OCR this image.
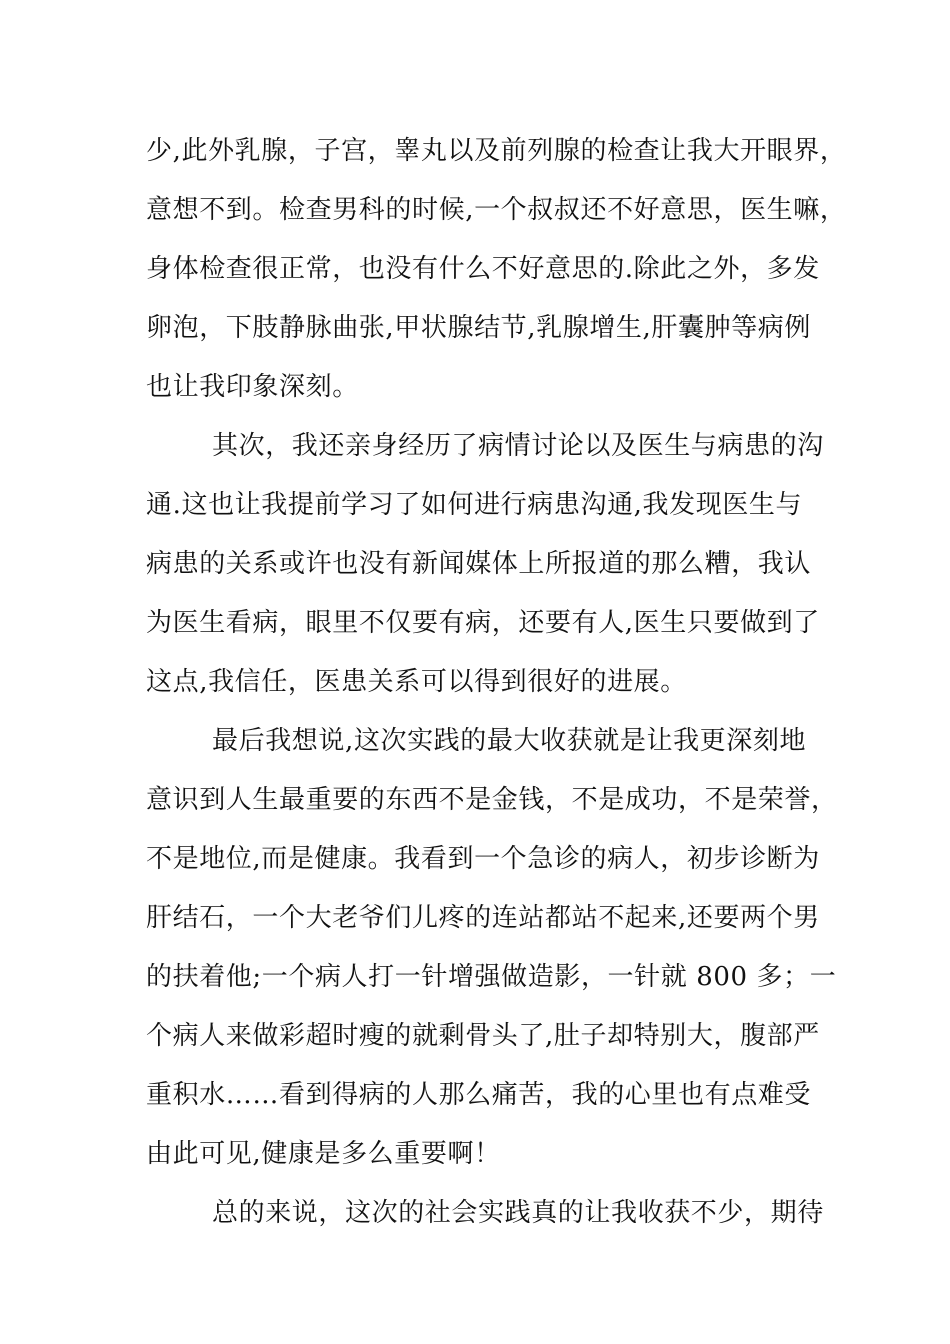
少,此外乳腺，子宫，睾丸以及前列腺的检查让我大开眼界，
意想不到。检查男科的时候,一个叔叔还不好意思，医生嘛，
身体检查很正常，也没有什么不好意思的.除此之外，多发
卵泡，下肢静脉曲张,甲状腺结节,乳腺增生,肝囊肿等病例
也让我印象深刻。
其次，我还亲身经历了病情讨论以及医生与病患的沟
通.这也让我提前学习了如何进行病患沟通,我发现医生与
病患的关系或许也没有新闻媒体上所报道的那么糟，我认
为医生看病，眼里不仅要有病，还要有人,医生只要做到了
这点,我信任，医患关系可以得到很好的进展。
最后我想说,这次实践的最大收获就是让我更深刻地
意识到人生最重要的东西不是金钱，不是成功，不是荣誉，
不是地位,而是健康。我看到一个急诊的病人，初步诊断为
肝结石，一个大老爷们儿疼的连站都站不起来,还要两个男
的扶着他;一个病人打一针增强做造影，一针就 800 多；一
个病人来做彩超时瘦的就剩骨头了,肚子却特别大，腹部严
重积水……看到得病的人那么痛苦，我的心里也有点难受
由此可见,健康是多么重要啊！
总的来说，这次的社会实践真的让我收获不少，期待
